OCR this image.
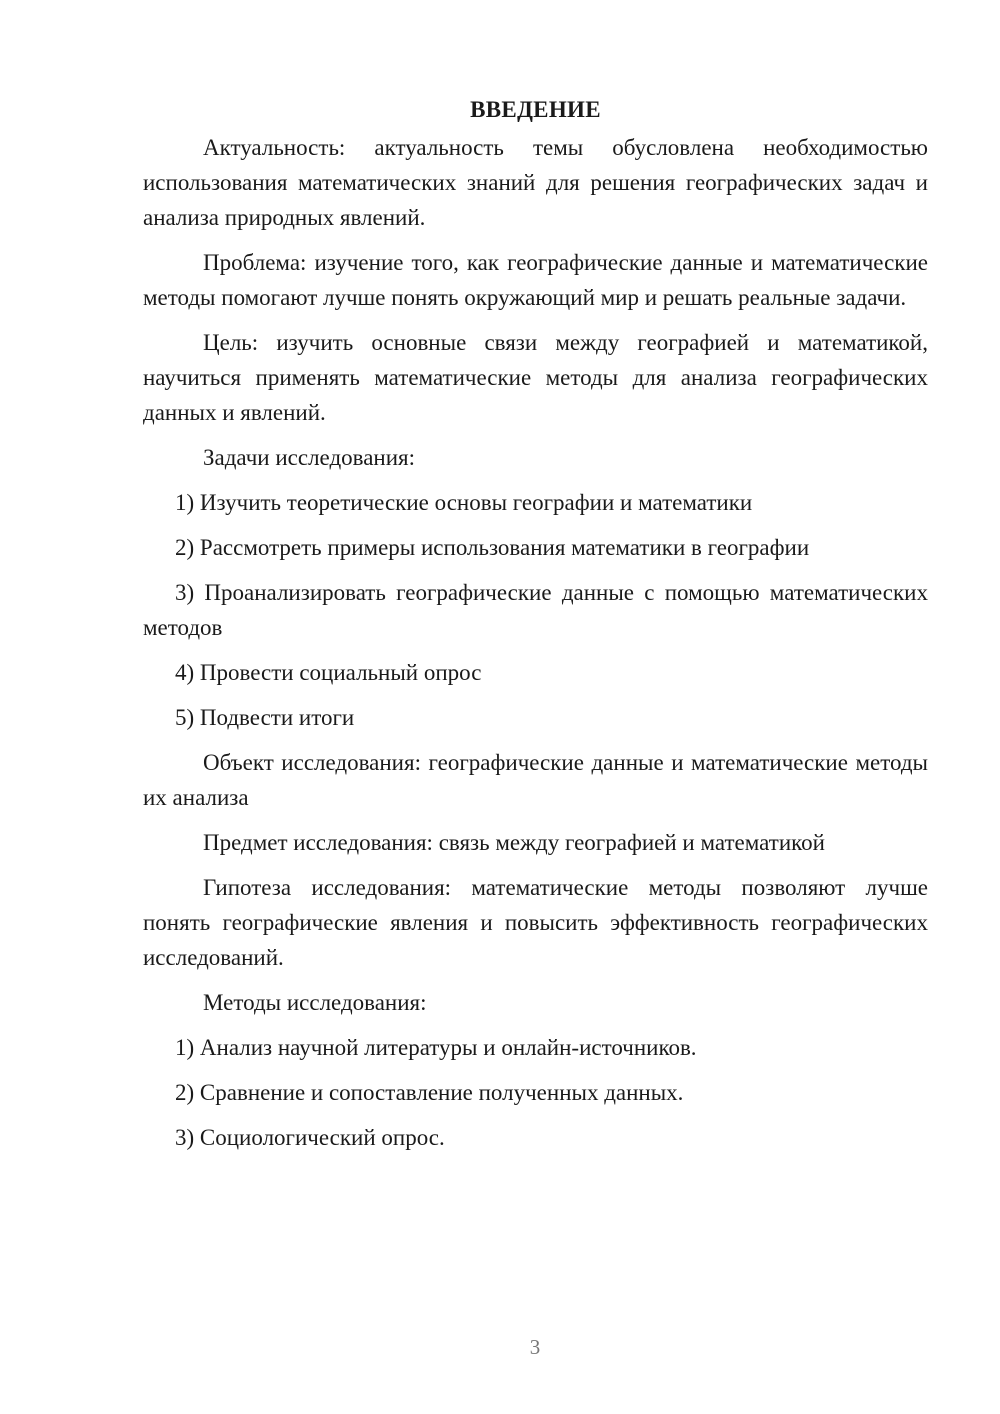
ВВЕДЕНИЕ

Актуальность: актуальность темы обусловлена необходимостью использования математических знаний для решения географических задач и анализа природных явлений.

Проблема: изучение того, как географические данные и математические методы помогают лучше понять окружающий мир и решать реальные задачи.

Цель: изучить основные связи между географией и математикой, научиться применять математические методы для анализа географических данных и явлений.

Задачи исследования:

1) Изучить теоретические основы географии и математики

2) Рассмотреть примеры использования математики в географии

3) Проанализировать географические данные с помощью математических методов

4) Провести социальный опрос

5) Подвести итоги

Объект исследования: географические данные и математические методы их анализа

Предмет исследования: связь между географией и математикой

Гипотеза исследования: математические методы позволяют лучше понять географические явления и повысить эффективность географических исследований.

Методы исследования:

1) Анализ научной литературы и онлайн-источников.

2) Сравнение и сопоставление полученных данных.

3) Социологический опрос.

3
